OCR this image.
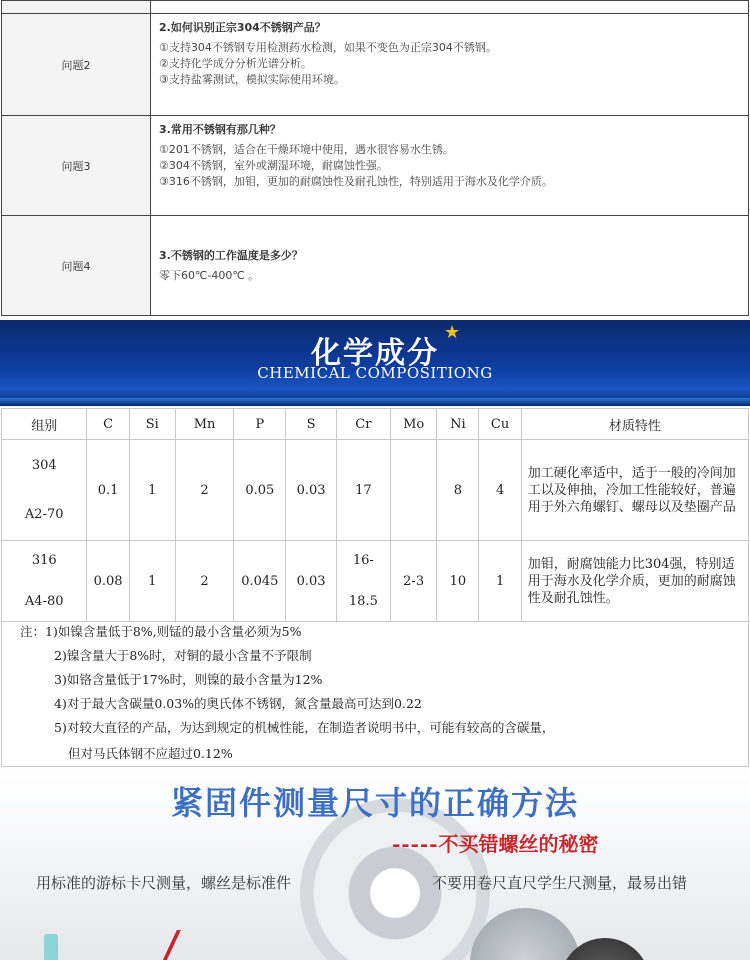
问题2	2.如何识别正宗304不锈钢产品？
①支持304不锈钢专用检测药水检测，如果不变色为正宗304不锈钢。
②支持化学成分分析光谱分析。
③支持盐雾测试，模拟实际使用环境。

问题3	3.常用不锈钢有那几种？
①201不锈钢，适合在干燥环境中使用，遇水很容易水生锈。
②304不锈钢，室外或潮湿环境，耐腐蚀性强。
③316不锈钢，加钼，更加的耐腐蚀性及耐孔蚀性，特别适用于海水及化学介质。

问题4	3.不锈钢的工作温度是多少？
零下60℃-400℃ 。
化学成分
★
CHEMICAL COMPOSITIONG
组别	C	Si	Mn	P	S	Cr	Mo	Ni	Cu	材质特性

304
A2-70	0.1	1	2	0.05	0.03	17		8	4	加工硬化率适中，适于一般的冷间加工以及伸抽，冷加工性能较好，普遍用于外六角螺钉、螺母以及垫圈产品

316
A4-80	0.08	1	2	0.045	0.03	16-
18.5	2-3	10	1	加钼，耐腐蚀能力比304强，特别适用于海水及化学介质，更加的耐腐蚀性及耐孔蚀性。
注：1)如镍含量低于8%,则锰的最小含量必须为5%
2)镍含量大于8%时，对铜的最小含量不予限制
3)如铬含量低于17%时，则镍的最小含量为12%
4)对于最大含碳量0.03%的奥氏体不锈钢，氮含量最高可达到0.22
5)对较大直径的产品，为达到规定的机械性能，在制造者说明书中，可能有较高的含碳量，
但对马氏体钢不应超过0.12%
紧固件测量尺寸的正确方法
-----不买错螺丝的秘密
用标准的游标卡尺测量，螺丝是标准件	不要用卷尺直尺学生尺测量，最易出错
